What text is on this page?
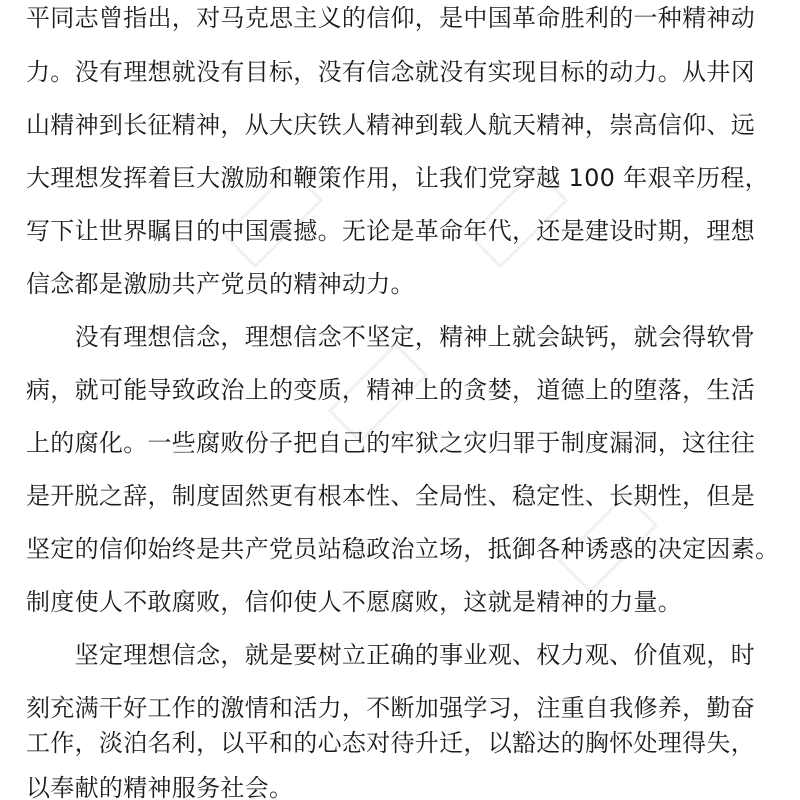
平同志曾指出，对马克思主义的信仰，是中国革命胜利的一种精神动

力。没有理想就没有目标，没有信念就没有实现目标的动力。从井冈

山精神到长征精神，从大庆铁人精神到载人航天精神，崇高信仰、远

大理想发挥着巨大激励和鞭策作用，让我们党穿越 100 年艰辛历程，

写下让世界瞩目的中国震撼。无论是革命年代，还是建设时期，理想

信念都是激励共产党员的精神动力。

　　没有理想信念，理想信念不坚定，精神上就会缺钙，就会得软骨

病，就可能导致政治上的变质，精神上的贪婪，道德上的堕落，生活

上的腐化。一些腐败份子把自己的牢狱之灾归罪于制度漏洞，这往往

是开脱之辞，制度固然更有根本性、全局性、稳定性、长期性，但是

坚定的信仰始终是共产党员站稳政治立场，抵御各种诱惑的决定因素。

制度使人不敢腐败，信仰使人不愿腐败，这就是精神的力量。

　　坚定理想信念，就是要树立正确的事业观、权力观、价值观，时

刻充满干好工作的激情和活力，不断加强学习，注重自我修养，勤奋

工作，淡泊名利，以平和的心态对待升迁，以豁达的胸怀处理得失，

以奉献的精神服务社会。
